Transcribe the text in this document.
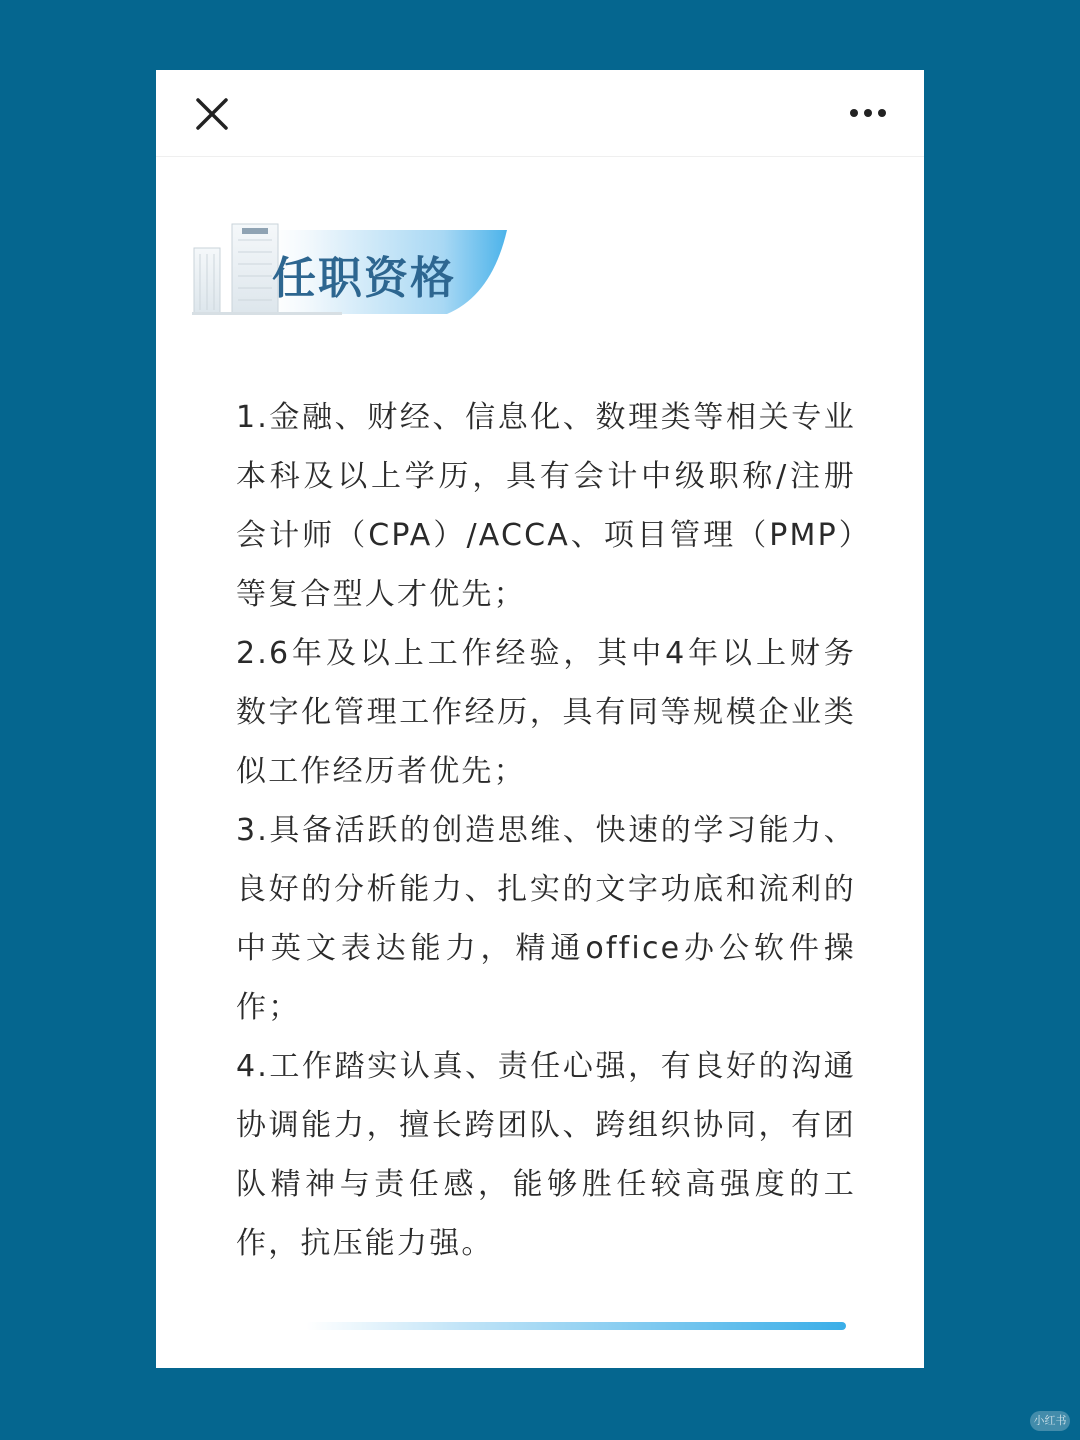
任职资格

1.金融、财经、信息化、数理类等相关专业本科及以上学历，具有会计中级职称/注册会计师（CPA）/ACCA、项目管理（PMP）等复合型人才优先；

2.6年及以上工作经验，其中4年以上财务数字化管理工作经历，具有同等规模企业类似工作经历者优先；

3.具备活跃的创造思维、快速的学习能力、良好的分析能力、扎实的文字功底和流利的中英文表达能力，精通office办公软件操作；

4.工作踏实认真、责任心强，有良好的沟通协调能力，擅长跨团队、跨组织协同，有团队精神与责任感，能够胜任较高强度的工作，抗压能力强。

小红书
